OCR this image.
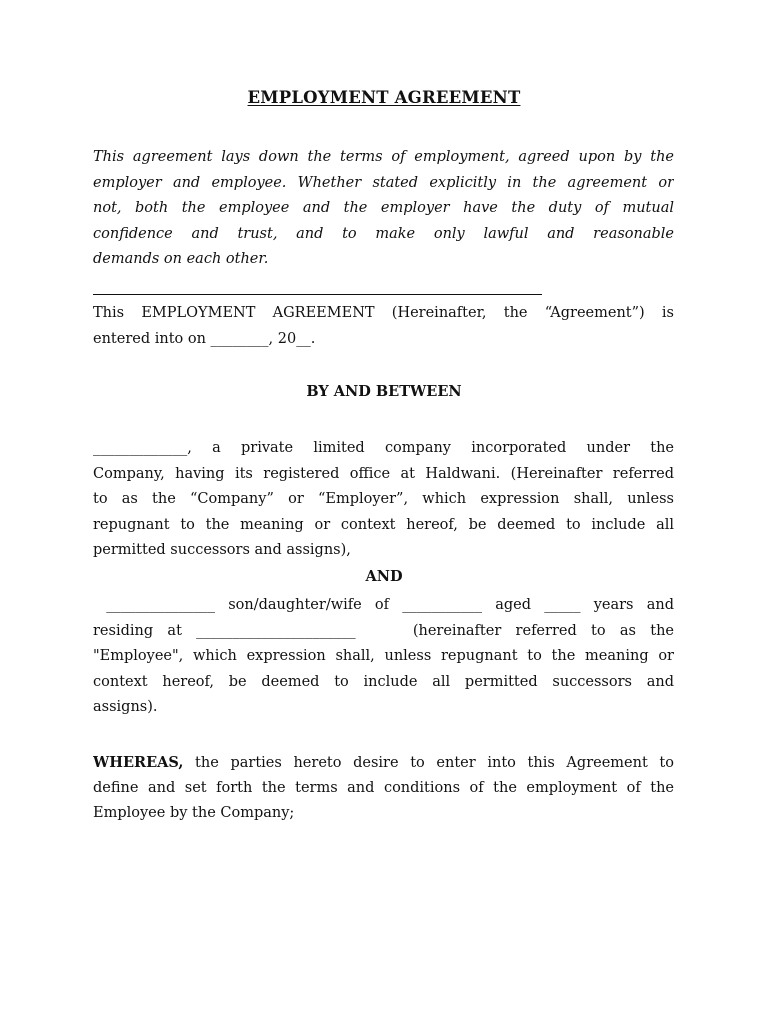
EMPLOYMENT AGREEMENT
This agreement lays down the terms of employment, agreed upon by the
employer and employee. Whether stated explicitly in the agreement or
not, both the employee and the employer have the duty of mutual
confidence and trust, and to make only lawful and reasonable
demands on each other.
This EMPLOYMENT AGREEMENT (Hereinafter, the “Agreement”) is
entered into on ________, 20__.
BY AND BETWEEN
_____________, a private limited company incorporated under the
Company, having its registered office at Haldwani. (Hereinafter referred
to as the “Company” or “Employer”, which expression shall, unless
repugnant to the meaning or context hereof, be deemed to include all
permitted successors and assigns),
AND
_______________ son/daughter/wife of ___________ aged _____ years and
residing at ______________________    (hereinafter referred to as the
"Employee", which expression shall, unless repugnant to the meaning or
context hereof, be deemed to include all permitted successors and
assigns).
WHEREAS, the parties hereto desire to enter into this Agreement to
define and set forth the terms and conditions of the employment of the
Employee by the Company;
